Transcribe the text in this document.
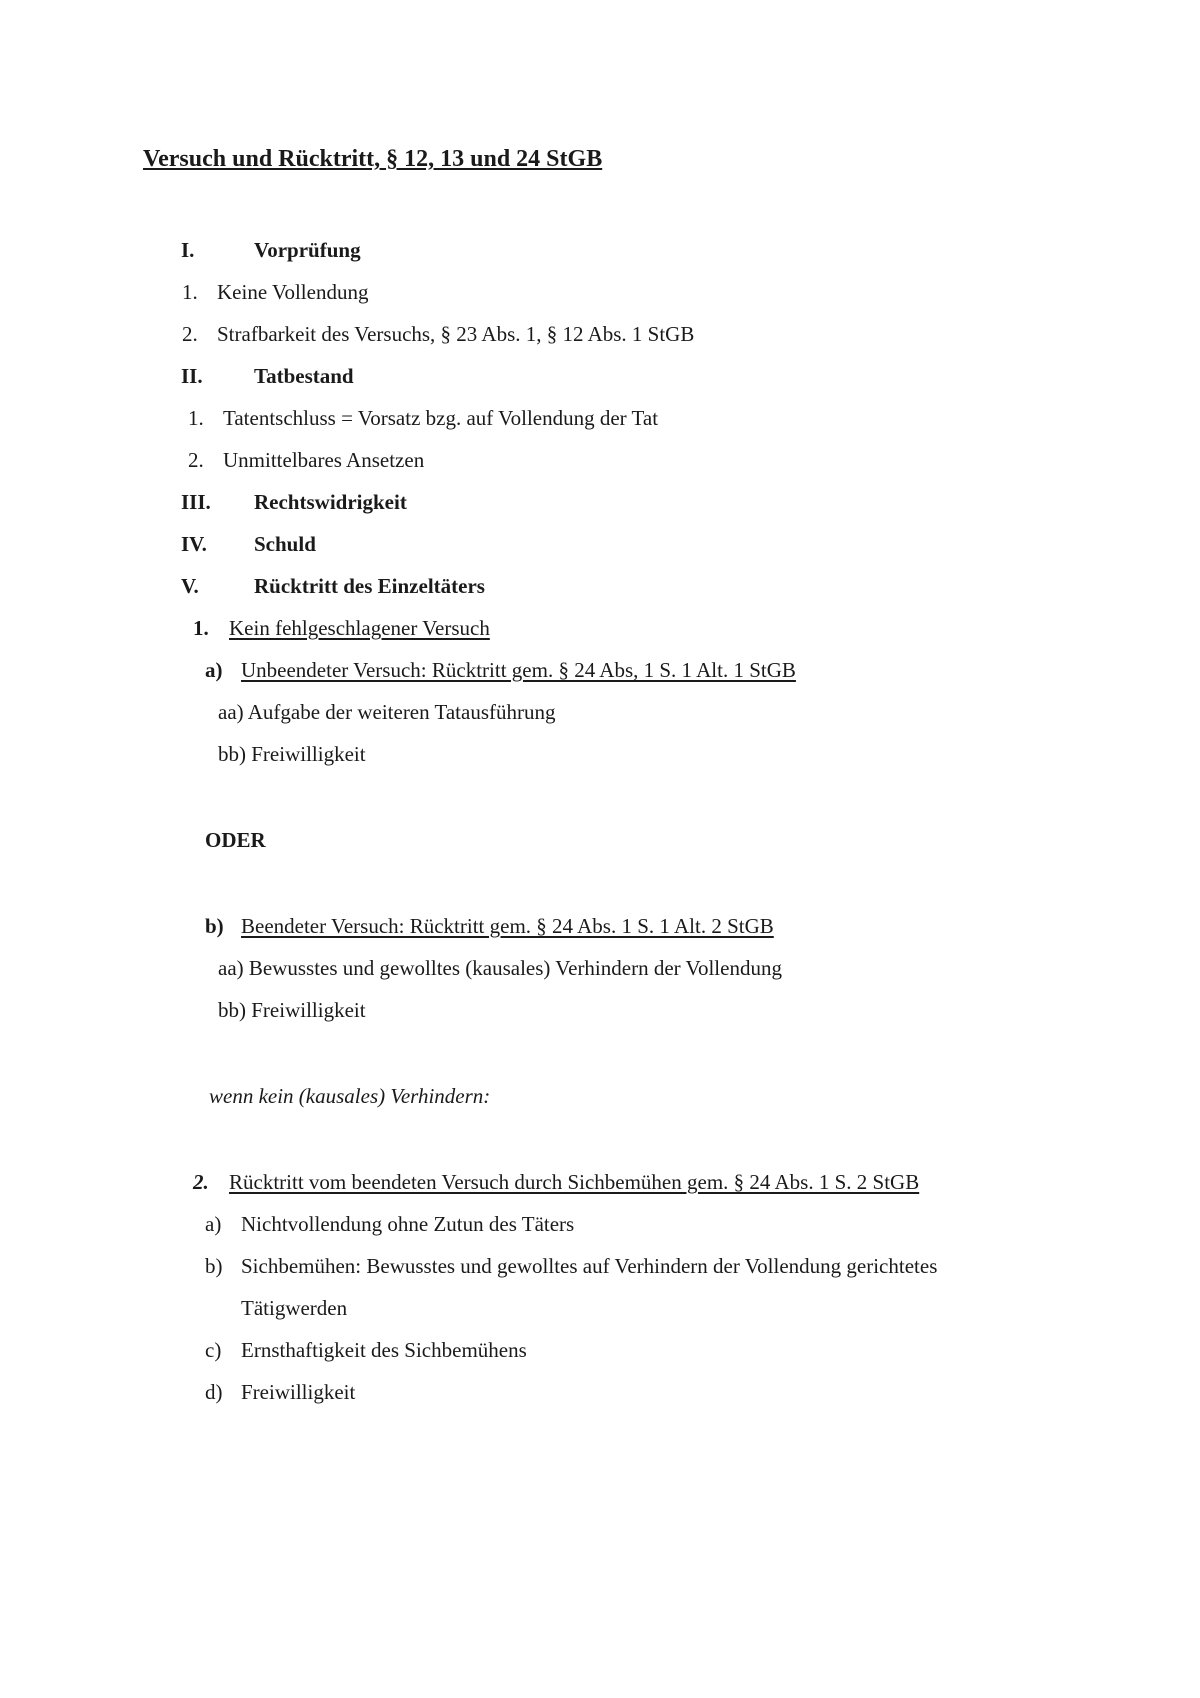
Versuch und Rücktritt, § 12, 13 und 24 StGB
I.	Vorprüfung
1. Keine Vollendung
2. Strafbarkeit des Versuchs, § 23 Abs. 1, § 12 Abs. 1 StGB
II. Tatbestand
1. Tatentschluss = Vorsatz bzg. auf Vollendung der Tat
2. Unmittelbares Ansetzen
III. Rechtswidrigkeit
IV. Schuld
V.	Rücktritt des Einzeltäters
1. Kein fehlgeschlagener Versuch
a) Unbeendeter Versuch: Rücktritt gem. § 24 Abs, 1 S. 1 Alt. 1 StGB
aa) Aufgabe der weiteren Tatausführung
bb) Freiwilligkeit
ODER
b) Beendeter Versuch: Rücktritt gem. § 24 Abs. 1 S. 1 Alt. 2 StGB
aa) Bewusstes und gewolltes (kausales) Verhindern der Vollendung
bb) Freiwilligkeit
wenn kein (kausales) Verhindern:
2. Rücktritt vom beendeten Versuch durch Sichbemühen gem. § 24 Abs. 1 S. 2 StGB
a) Nichtvollendung ohne Zutun des Täters
b) Sichbemühen: Bewusstes und gewolltes auf Verhindern der Vollendung gerichtetes
Tätigwerden
c) Ernsthaftigkeit des Sichbemühens
d) Freiwilligkeit
